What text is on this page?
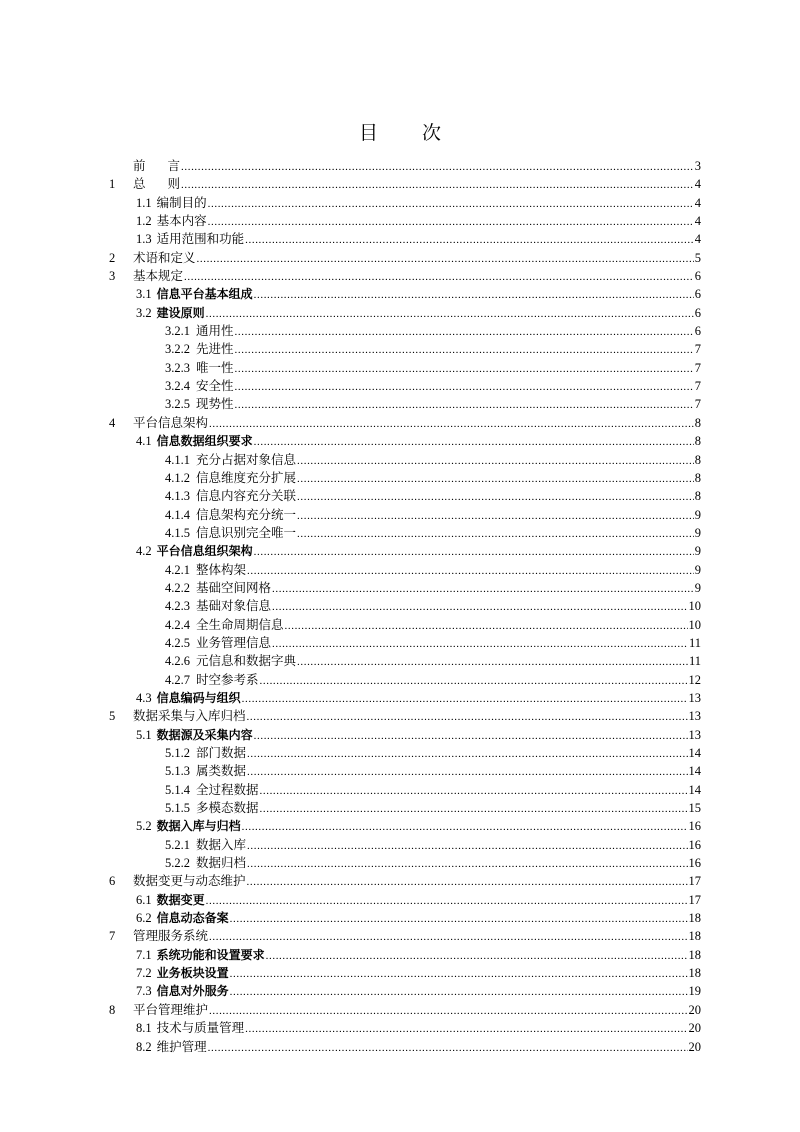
目 次
前 言 .....	3
1	总 则 .....	4
1.1 编制目的 .....	4
1.2 基本内容 .....	4
1.3 适用范围和功能 .....	4
2	术语和定义 .....	5
3	基本规定 .....	6
3.1 信息平台基本组成 .....	6
3.2 建设原则 .....	6
3.2.1 通用性 .....	6
3.2.2 先进性 .....	7
3.2.3 唯一性 .....	7
3.2.4 安全性 .....	7
3.2.5 现势性 .....	7
4	平台信息架构 .....	8
4.1 信息数据组织要求 .....	8
4.1.1 充分占据对象信息 .....	8
4.1.2 信息维度充分扩展 .....	8
4.1.3 信息内容充分关联 .....	8
4.1.4 信息架构充分统一 .....	9
4.1.5 信息识别完全唯一 .....	9
4.2 平台信息组织架构 .....	9
4.2.1 整体构架 .....	9
4.2.2 基础空间网格 .....	9
4.2.3 基础对象信息 .....	10
4.2.4 全生命周期信息 .....	10
4.2.5 业务管理信息 .....	11
4.2.6 元信息和数据字典 .....	11
4.2.7 时空参考系 .....	12
4.3 信息编码与组织 .....	13
5	数据采集与入库归档 .....	13
5.1 数据源及采集内容 .....	13
5.1.2 部门数据 .....	14
5.1.3 属类数据 .....	14
5.1.4 全过程数据 .....	14
5.1.5 多模态数据 .....	15
5.2 数据入库与归档 .....	16
5.2.1 数据入库 .....	16
5.2.2 数据归档 .....	16
6	数据变更与动态维护 .....	17
6.1 数据变更 .....	17
6.2 信息动态备案 .....	18
7	管理服务系统 .....	18
7.1 系统功能和设置要求 .....	18
7.2 业务板块设置 .....	18
7.3 信息对外服务 .....	19
8	平台管理维护 .....	20
8.1 技术与质量管理 .....	20
8.2 维护管理 .....	20
